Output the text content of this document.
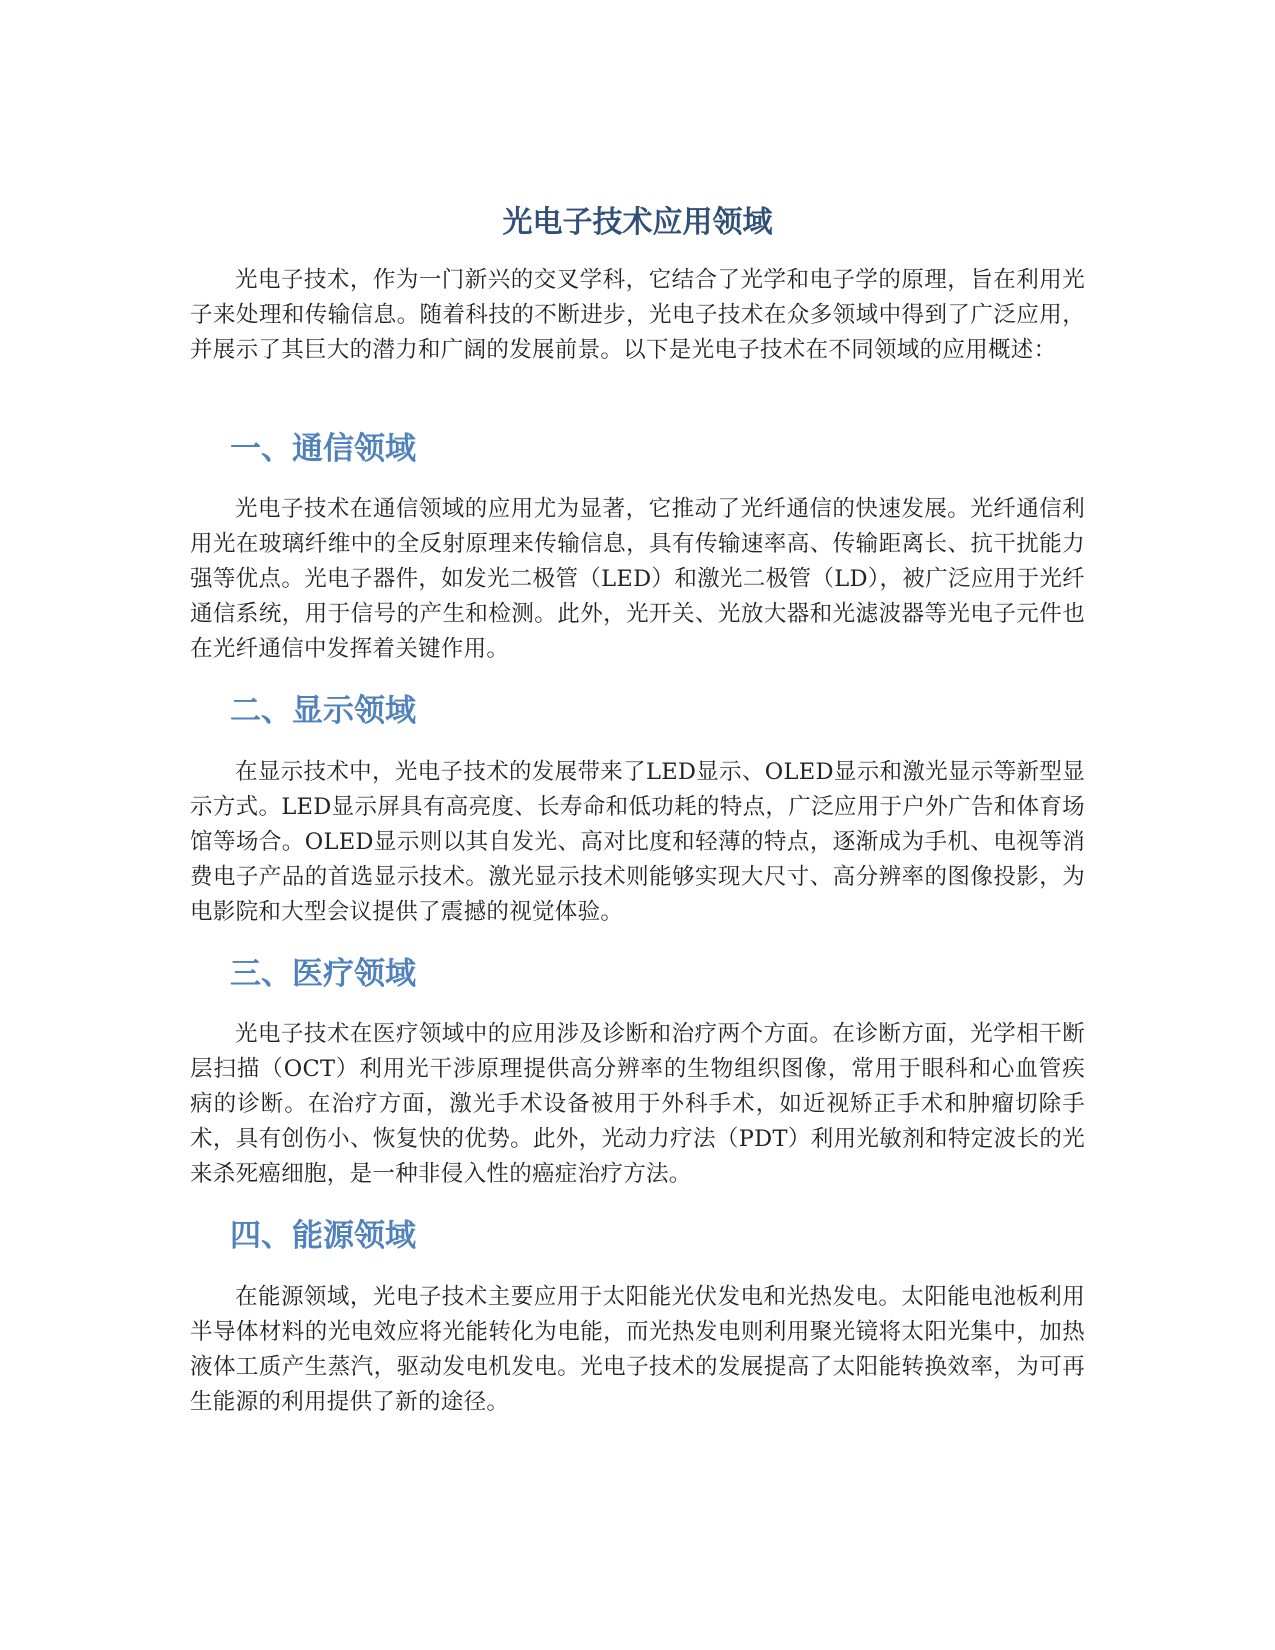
光电子技术应用领域

光电子技术，作为一门新兴的交叉学科，它结合了光学和电子学的原理，旨在利用光子来处理和传输信息。随着科技的不断进步，光电子技术在众多领域中得到了广泛应用，并展示了其巨大的潜力和广阔的发展前景。以下是光电子技术在不同领域的应用概述：

一、通信领域

光电子技术在通信领域的应用尤为显著，它推动了光纤通信的快速发展。光纤通信利用光在玻璃纤维中的全反射原理来传输信息，具有传输速率高、传输距离长、抗干扰能力强等优点。光电子器件，如发光二极管（LED）和激光二极管（LD），被广泛应用于光纤通信系统，用于信号的产生和检测。此外，光开关、光放大器和光滤波器等光电子元件也在光纤通信中发挥着关键作用。

二、显示领域

在显示技术中，光电子技术的发展带来了LED显示、OLED显示和激光显示等新型显示方式。LED显示屏具有高亮度、长寿命和低功耗的特点，广泛应用于户外广告和体育场馆等场合。OLED显示则以其自发光、高对比度和轻薄的特点，逐渐成为手机、电视等消费电子产品的首选显示技术。激光显示技术则能够实现大尺寸、高分辨率的图像投影，为电影院和大型会议提供了震撼的视觉体验。

三、医疗领域

光电子技术在医疗领域中的应用涉及诊断和治疗两个方面。在诊断方面，光学相干断层扫描（OCT）利用光干涉原理提供高分辨率的生物组织图像，常用于眼科和心血管疾病的诊断。在治疗方面，激光手术设备被用于外科手术，如近视矫正手术和肿瘤切除手术，具有创伤小、恢复快的优势。此外，光动力疗法（PDT）利用光敏剂和特定波长的光来杀死癌细胞，是一种非侵入性的癌症治疗方法。

四、能源领域

在能源领域，光电子技术主要应用于太阳能光伏发电和光热发电。太阳能电池板利用半导体材料的光电效应将光能转化为电能，而光热发电则利用聚光镜将太阳光集中，加热液体工质产生蒸汽，驱动发电机发电。光电子技术的发展提高了太阳能转换效率，为可再生能源的利用提供了新的途径。
